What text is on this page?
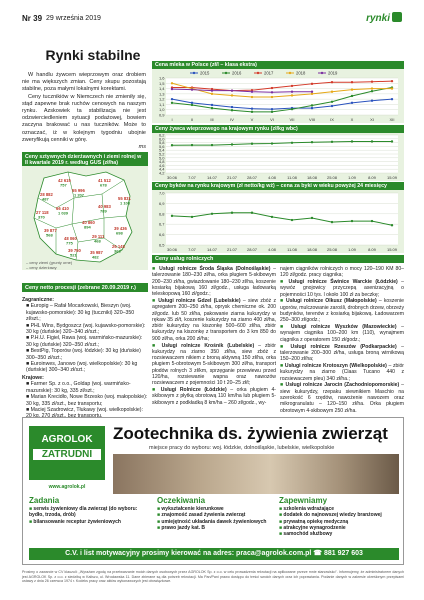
Nr 39 29 września 2019	rynki
Rynki stabilne

W handlu żywcem wieprzowym oraz drobiem nie ma większych zmian. Ceny skupu pozostają stabilne, poza małymi lokalnymi korektami.

Ceny tucznikiów w Niemczech nie zmieniły się, stąd zapewne brak ruchów cenowych na naszym rynku. Azskowiek ta stabilizacja nie jest odzwierciedleniem sytuacji podażowej, bowiem zaczyna brakować u nas tuczników. Może to oznaczać, iż w kolejnym tygodniu ubojnie zweryfikują cenniki w górę.

ms
Ceny sztywnych dzierżawnych i ziemi rolnej w II kwartale 2019 r. według GUS (zł/ha)
42 615
757
41 512
678
28 882
487	55 831
1 108
55 996
1 207
27 118
370
66 410
1 039
40 983
789
40 860
894
39 877
568
39 436
698
48 060
775
29 111
468
39 750
521	35 987
482
26 145
368
– ceny ziemi (grunty orne)
– ceny dzierżawy
Ceny netto procesji (zebrane 20.09.2019 r.)
Zagraniczne:
■ Europig – Rafał Mocarkowski, Bieszyn (woj. kujawsko-pomorskie): 30 kg (tuczniki) 320–350 zł/szt.;
■ PHL Wins, Bydgoszcz (woj. kujawsko-pomorskie): 30 kg (duńskie) 320–340 zł/szt.;
■ P.H.U. Figiel, Rawa (woj. warmińsko-mazurskie): 30 kg (duńskie) 320–350 zł/szt.;
■ BestPig, Toporów (woj. łódzkie): 30 kg (duńskie) 300–350 zł/szt.;
■ Euroinwes, Janowo (woj. wielkopolskie): 30 kg (duńskie) 300–340 zł/szt.;
Krajowe:
■ Farmer Sp. z o.o., Goldap (woj. warmińsko-mazurskie): 30 kg, 335 zł/szt.;
■ Marian Krecidło, Nowe Brzesko (woj. małopolskie): 30 kg, 335 zł/szt., bez transportu;
■ Maciej Szadrowicz, Tłukawy (woj. wielkopolskie):
Cena mleka w Polsce (zł/l – klasa ekstra)
1,6
1,5
1,4
1,3
1,2
1,1
1,0
0,9
I	II	III	IV	V	VI	VII	VIII	IX	X	XI	XII
2015	2016	2017	2018	2019
Ceny żywca wieprzowego na krajowym rynku (zł/kg wbc)
6,2
6,0
5,8
5,6
5,4
5,2
5,0
4,8
4,6
4,4
4,2
30.06	7.07	14.07 21.07 28.07	4.08	11.08	18.08 25.08	1.09	8.09	15.09
Ceny byków na rynku krajowym (zł netto/kg wż) – cena za byki w wieku powyżej 24 miesięcy
7,0
6,9
6,8
6,7
6,6
6,5
30.06	7.07	14.07 21.07 28.07	4.08	11.08	18.08 25.08	1.09	8.09	15.09
Ceny usług rolniczych
■ Usługi rolnicze Środa Śląska (Dolnośląskie) – talerzowanie 180–230 zł/ha, orka pługiem 5-skibowym 200–230 zł/ha, gwiazdowanie 180–230 zł/ha, koszenie kosiarką bijakową 160 zł/godz., usługa ładowarką teleskopową 160 zł/godz.;
■ Usługi rolnicze Gdzel (Lubelskie) – siew zbóż z agregatem 200–250 zł/ha, oprysk chemiczne ok. 200 zł/godz. lub 50 zł/ha, pakowanie ziarna kukurydzy w rękaw 35 zł/t, koszenie kukurydzy na ziarno 400 zł/ha, zbiór kukurydzy na kiszonkę 500–600 zł/ha, zbiór kukurydzy na kiszonkę z transportem do 3 km 850 do 900 zł/ha, orka 200 zł/ha;
■ Usługi rolnicze Krośnik (Lubelskie) – zbiór kukurydzy na ziarno 350 zł/ha, siew zbóż z rozsiewaczem nikiem z broną aktywną 150 zł/ha, orka pługiem 5-obrotowym 5-skibowym 300 zł/ha, transport płodów rolnych 3 zł/km, sprzęganie przewiewu przed 120/ha, rozsiewanie wapna oraz nawozów rozsiewaczem z pojemności 10 t 20–25 zł/t;
■ Usługi Rolnicze (Łódzkie) – orka pługiem 4-skibowym z płytką obrotową 110 km/ha lub pługiem 5-skibowym z podkładką 8 km/ha – 260 zł/godz., wy-
najem ciągników rolniczych o mocy 120–190 KM 80–120 zł/godz. pracy ciągnika;
■ Usługi rolnicze Świnice Warckie (Łódzkie) – wywóz gnojowicy przyczepą asenizacyjną o pojemności 10 tys. l około 100 zł za beczkę;
■ Usługi rolnicze Olkusz (Małopolskie) – koszenie ugorów, mulczowanie zarośli, drobnych drzew, obrzeży budynków, terenów z kosiarką bijakową. Ładowarzem 250–300 zł/godz.;
■ Usługi rolnicze Wyszków (Mazowieckie) – wynajem ciągnika 100–200 km (110), wynajmem ciągnika z operatorem 150 zł/godz.;
■ Usługi rolnicze Rzeszów (Podkarpackie) – talerzowanie 200–300 zł/ha, usługa broną wirnikową 150–200 zł/ha;
■ Usługi rolnicze Krotoszyn (Wielkopolskie) – zbiór kukurydzy na ziarno (Claas Tucano 440 z rozsiewaczem pleu) 340 zł/ha.;
■ Usługi rolnicze Jarocin (Zachodniopomorskie) – siew kukurydzy, rzepaku siewnikiem Maschio na szerokość 6 rzędów, nawożenie nawozem oraz mikrogranulatu – 120–150 zł/ha. Orka pługiem obrotowym 4-skibowym 250 zł/ha.
AGROLOK
ZATRUDNI
www.agrolok.pl
Zootechnika ds. żywienia zwierząt
miejsce pracy do wyboru: woj. łódzkie, dolnośląskie, lubelskie, wielkopolskie
Zadania
■ serwis żywieniowy dla zwierząt (do wyboru: bydło, trzoda, drób)
■ bilansowanie receptur żywieniowych
Oczekiwania
■ wykształcenie kierunkowe
■ znajomość zasad żywienia zwierząt
■ umiejętność układania dawek żywieniowych
■ prawo jazdy kat. B
Zapewniamy
■ szkolenia wdrażające
■ dodatek do najnowszej wiedzy branżowej
■ prywatną opiekę medyczną
■ atrakcyjne wynagrodzenie
■ samochód służbowy
C.V. i list motywacyjny prosimy kierować na adres: praca@agrolok.com.pl ☎ 881 927 603
Prosimy o zawarcie w CV klauzuli: „Wyrażam zgodę na przetwarzanie moich danych osobowych przez AGROLOK Sp. z o.o. w celu prowadzenia rekrutacji na aplikowane przeze mnie stanowisko”. Informujemy, że administratorem danych jest AGROLOK Sp. z o.o. z siedzibą w Kaliszu, ul. Wrocławska 11. Dane zbierane są dla potrzeb rekrutacji. Ma Pan/Pani prawo dostępu do treści swoich danych oraz ich poprawiania. Podanie danych w zakresie określonym przepisami ustawy z dnia 26 czerwca 1974 r. Kodeks pracy oraz aktów wykonawczych jest obowiązkowe.
